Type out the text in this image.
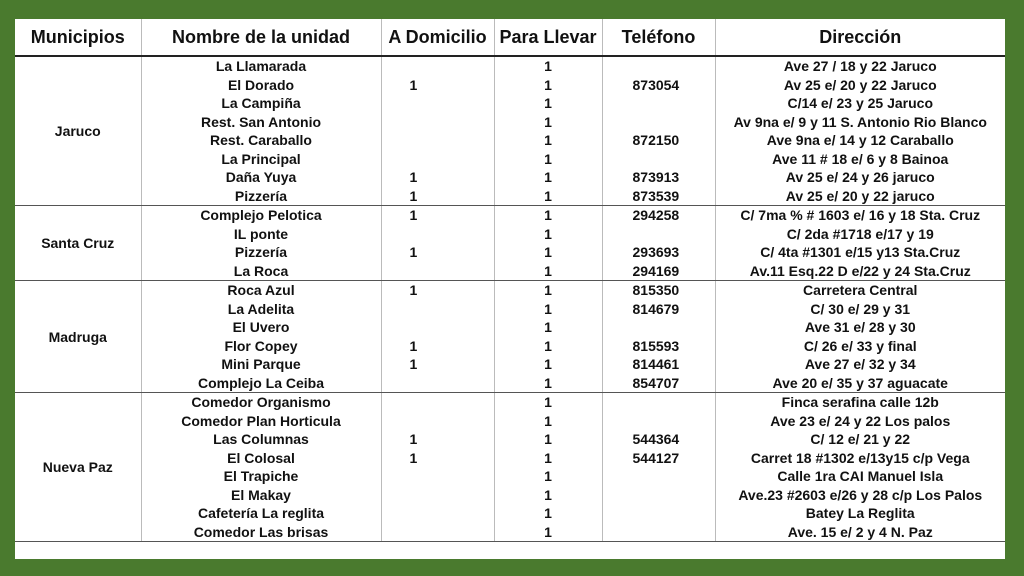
Municipios	Nombre de la unidad	A Domicilio	Para Llevar	Teléfono	Dirección
Jaruco	La Llamarada		1		Ave 27 / 18 y 22 Jaruco
	El Dorado	1	1	873054	Av 25 e/ 20 y 22 Jaruco
	La Campiña		1		C/14 e/ 23 y 25 Jaruco
	Rest. San Antonio		1		Av 9na e/ 9 y 11 S. Antonio Rio Blanco
	Rest. Caraballo		1	872150	Ave 9na e/ 14 y 12 Caraballo
	La Principal		1		Ave 11 # 18 e/ 6 y 8 Bainoa
	Daña Yuya	1	1	873913	Av 25 e/ 24 y 26 jaruco
	Pizzería	1	1	873539	Av 25 e/ 20 y 22 jaruco
Santa Cruz	Complejo Pelotica	1	1	294258	C/ 7ma % # 1603 e/ 16 y 18 Sta. Cruz
	IL ponte		1		C/ 2da #1718 e/17 y 19
	Pizzería	1	1	293693	C/ 4ta #1301 e/15 y13 Sta.Cruz
	La Roca		1	294169	Av.11 Esq.22 D e/22 y 24 Sta.Cruz
Madruga	Roca Azul	1	1	815350	Carretera Central
	La Adelita		1	814679	C/ 30 e/ 29 y 31
	El Uvero		1		Ave 31 e/ 28 y 30
	Flor Copey	1	1	815593	C/ 26 e/ 33 y final
	Mini Parque	1	1	814461	Ave 27 e/ 32 y 34
	Complejo La Ceiba		1	854707	Ave 20 e/ 35 y 37 aguacate
Nueva Paz	Comedor Organismo		1		Finca serafina calle 12b
	Comedor Plan Horticula		1		Ave 23 e/ 24 y 22 Los palos
	Las Columnas	1	1	544364	C/ 12 e/ 21 y 22
	El Colosal	1	1	544127	Carret 18 #1302 e/13y15 c/p Vega
	El Trapiche		1		Calle 1ra CAI Manuel Isla
	El Makay		1		Ave.23 #2603 e/26 y 28 c/p Los Palos
	Cafetería La reglita		1		Batey La Reglita
	Comedor Las brisas		1		Ave. 15 e/ 2 y 4 N. Paz
